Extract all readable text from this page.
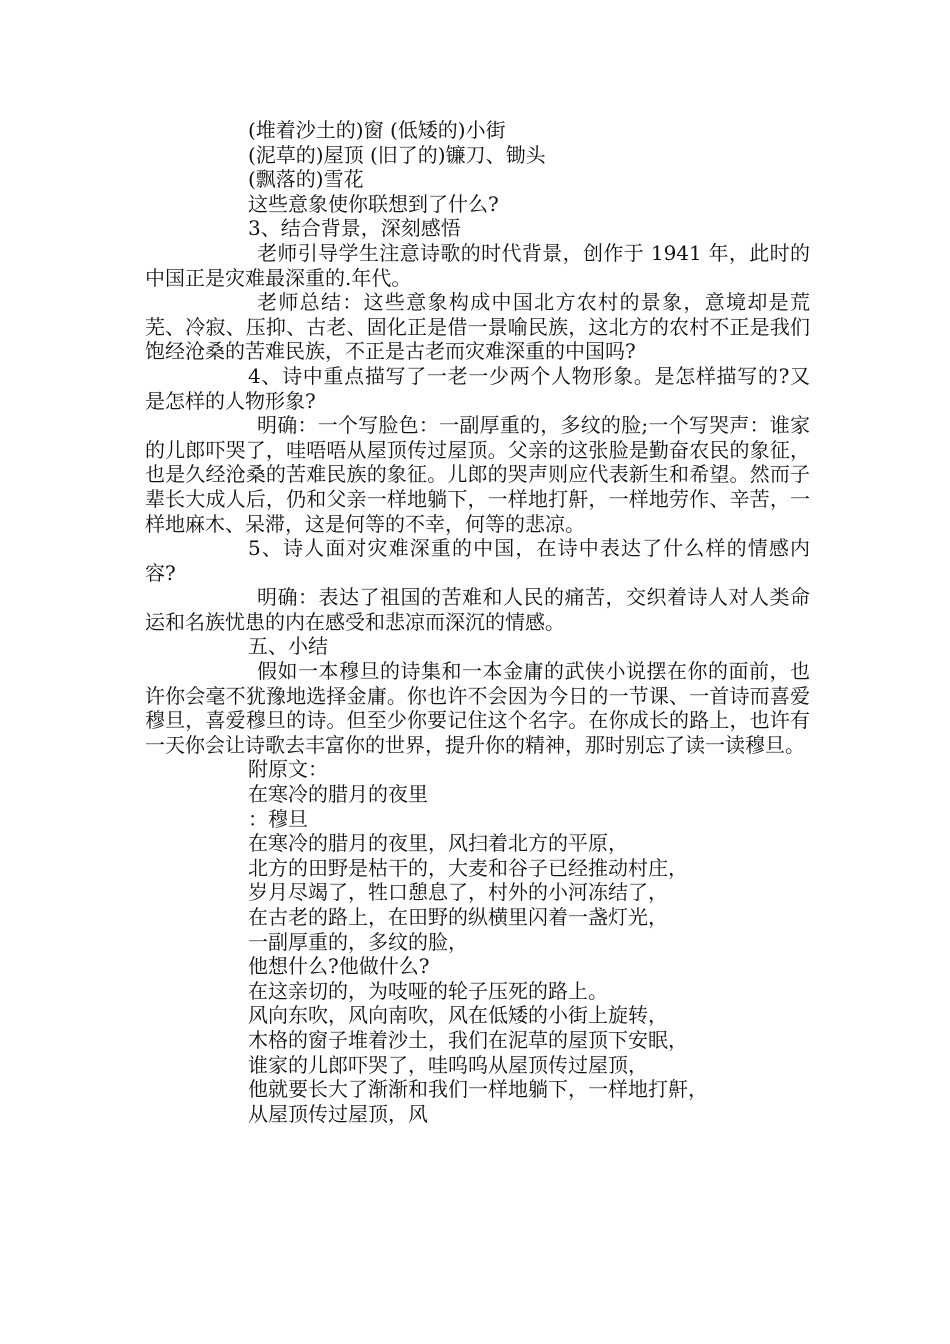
(堆着沙土的)窗 (低矮的)小街

(泥草的)屋顶 (旧了的)镰刀、锄头

(飘落的)雪花

这些意象使你联想到了什么?

3、结合背景，深刻感悟

老师引导学生注意诗歌的时代背景，创作于 1941 年，此时的中国正是灾难最深重的.年代。

老师总结：这些意象构成中国北方农村的景象，意境却是荒芜、冷寂、压抑、古老、固化正是借一景喻民族，这北方的农村不正是我们饱经沧桑的苦难民族，不正是古老而灾难深重的中国吗?

4、诗中重点描写了一老一少两个人物形象。是怎样描写的?又是怎样的人物形象?

明确：一个写脸色：一副厚重的，多纹的脸;一个写哭声：谁家的儿郎吓哭了，哇唔唔从屋顶传过屋顶。父亲的这张脸是勤奋农民的象征，也是久经沧桑的苦难民族的象征。儿郎的哭声则应代表新生和希望。然而子辈长大成人后，仍和父亲一样地躺下，一样地打鼾，一样地劳作、辛苦，一样地麻木、呆滞，这是何等的不幸，何等的悲凉。

5、诗人面对灾难深重的中国，在诗中表达了什么样的情感内容?

明确：表达了祖国的苦难和人民的痛苦，交织着诗人对人类命运和名族忧患的内在感受和悲凉而深沉的情感。

五、小结

假如一本穆旦的诗集和一本金庸的武侠小说摆在你的面前，也许你会毫不犹豫地选择金庸。你也许不会因为今日的一节课、一首诗而喜爱穆旦，喜爱穆旦的诗。但至少你要记住这个名字。在你成长的路上，也许有一天你会让诗歌去丰富你的世界，提升你的精神，那时别忘了读一读穆旦。

附原文：

在寒冷的腊月的夜里

：穆旦

在寒冷的腊月的夜里，风扫着北方的平原，

北方的田野是枯干的，大麦和谷子已经推动村庄，

岁月尽竭了，牲口憩息了，村外的小河冻结了，

在古老的路上，在田野的纵横里闪着一盏灯光，

一副厚重的，多纹的脸，

他想什么?他做什么?

在这亲切的，为吱哑的轮子压死的路上。

风向东吹，风向南吹，风在低矮的小街上旋转，

木格的窗子堆着沙土，我们在泥草的屋顶下安眠，

谁家的儿郎吓哭了，哇呜呜从屋顶传过屋顶，

他就要长大了渐渐和我们一样地躺下，一样地打鼾，

从屋顶传过屋顶，风
